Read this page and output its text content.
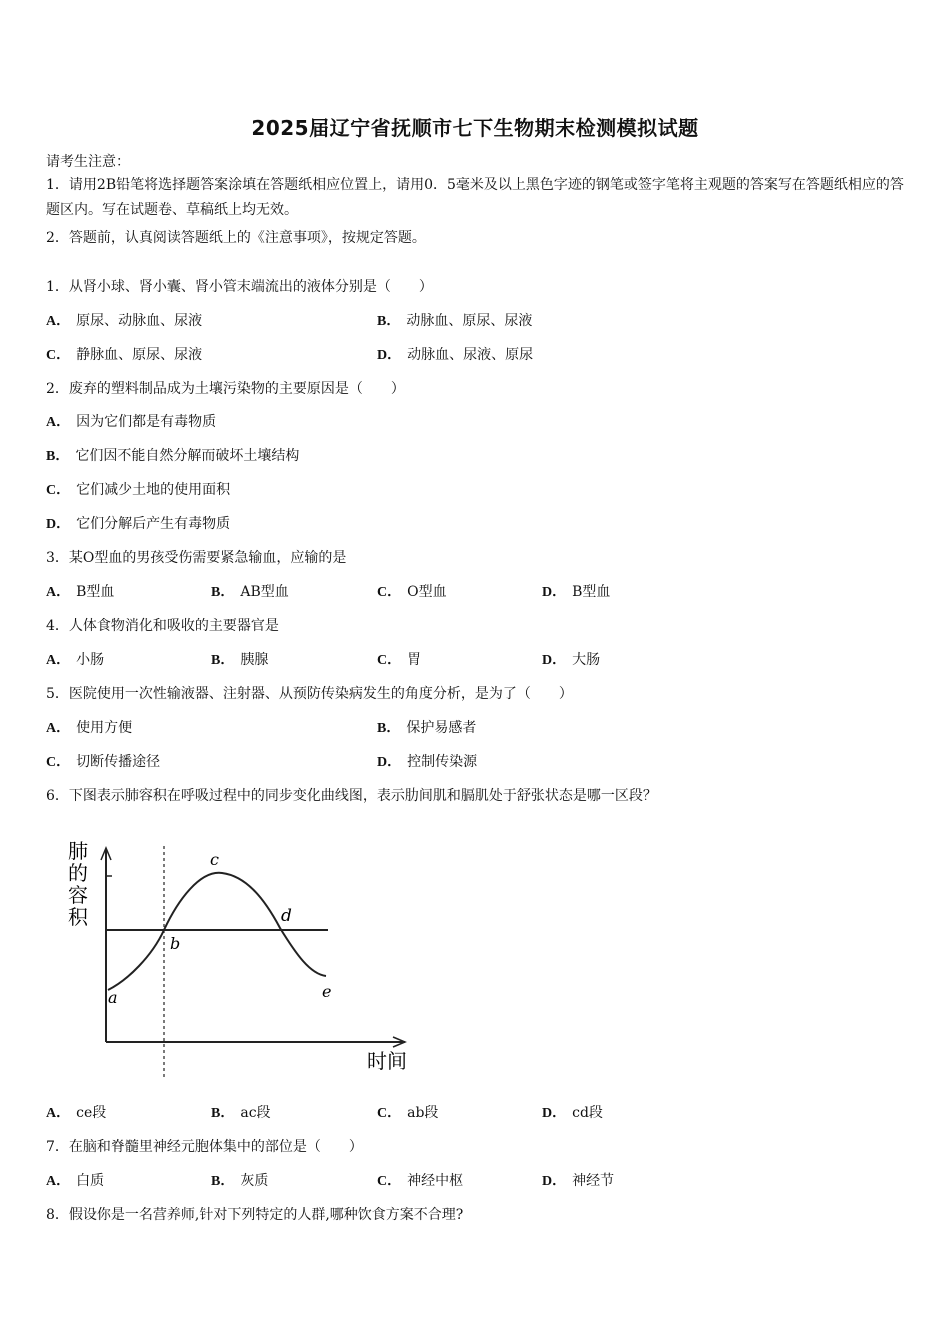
2025届辽宁省抚顺市七下生物期末检测模拟试题
请考生注意：
1．请用2B铅笔将选择题答案涂填在答题纸相应位置上，请用0．5毫米及以上黑色字迹的钢笔或签字笔将主观题的答案写在答题纸相应的答题区内。写在试题卷、草稿纸上均无效。
2．答题前，认真阅读答题纸上的《注意事项》，按规定答题。
1．从肾小球、肾小囊、肾小管末端流出的液体分别是（　　）
A． 原尿、动脉血、尿液	B． 动脉血、原尿、尿液
C． 静脉血、原尿、尿液	D． 动脉血、尿液、原尿
2．废弃的塑料制品成为土壤污染物的主要原因是（　　）
A． 因为它们都是有毒物质
B． 它们因不能自然分解而破坏土壤结构
C． 它们减少土地的使用面积
D． 它们分解后产生有毒物质
3．某O型血的男孩受伤需要紧急输血，应输的是
A． B型血	B． AB型血	C． O型血	D． B型血
4．人体食物消化和吸收的主要器官是
A． 小肠	B． 胰腺	C． 胃	D． 大肠
5．医院使用一次性输液器、注射器、从预防传染病发生的角度分析，是为了（　　）
A． 使用方便	B． 保护易感者
C． 切断传播途径	D． 控制传染源
6．下图表示肺容积在呼吸过程中的同步变化曲线图，表示肋间肌和膈肌处于舒张状态是哪一区段？
肺
的
容
积
a
b
c
d
e
时间
A． ce段	B． ac段	C． ab段	D． cd段
7．在脑和脊髓里神经元胞体集中的部位是（　　）
A． 白质	B． 灰质	C． 神经中枢	D． 神经节
8．假设你是一名营养师,针对下列特定的人群,哪种饮食方案不合理?
